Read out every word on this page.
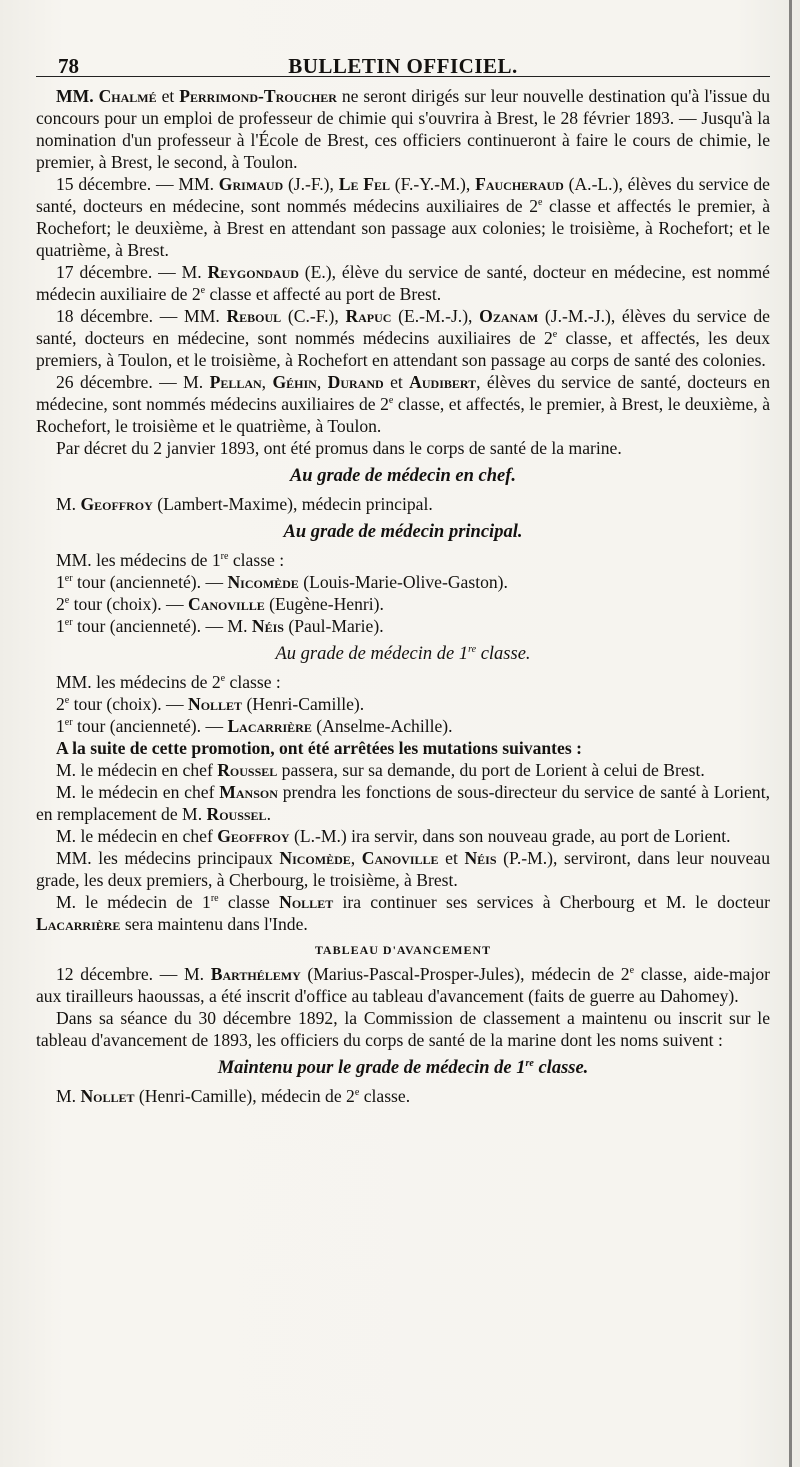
78	BULLETIN OFFICIEL.

MM. Chalmé et Perrimond-Troucher ne seront dirigés sur leur nouvelle destination qu'à l'issue du concours pour un emploi de professeur de chimie qui s'ouvrira à Brest, le 28 février 1893. — Jusqu'à la nomination d'un professeur à l'École de Brest, ces officiers continueront à faire le cours de chimie, le premier, à Brest, le second, à Toulon.

15 décembre. — MM. Grimaud (J.-F.), Le Fel (F.-Y.-M.), Faucheraud (A.-L.), élèves du service de santé, docteurs en médecine, sont nommés médecins auxiliaires de 2e classe et affectés le premier, à Rochefort; le deuxième, à Brest en attendant son passage aux colonies; le troisième, à Rochefort; et le quatrième, à Brest.

17 décembre. — M. Reygondaud (E.), élève du service de santé, docteur en médecine, est nommé médecin auxiliaire de 2e classe et affecté au port de Brest.

18 décembre. — MM. Reboul (C.-F.), Rapuc (E.-M.-J.), Ozanam (J.-M.-J.), élèves du service de santé, docteurs en médecine, sont nommés médecins auxiliaires de 2e classe, et affectés, les deux premiers, à Toulon, et le troisième, à Rochefort en attendant son passage au corps de santé des colonies.

26 décembre. — M. Pellan, Géhin, Durand et Audibert, élèves du service de santé, docteurs en médecine, sont nommés médecins auxiliaires de 2e classe, et affectés, le premier, à Brest, le deuxième, à Rochefort, le troisième et le quatrième, à Toulon.

Par décret du 2 janvier 1893, ont été promus dans le corps de santé de la marine.

Au grade de médecin en chef.

M. Geoffroy (Lambert-Maxime), médecin principal.

Au grade de médecin principal.

MM. les médecins de 1re classe :

1er tour (ancienneté). — Nicomède (Louis-Marie-Olive-Gaston).

2e tour (choix). — Canoville (Eugène-Henri).

1er tour (ancienneté). — M. Néis (Paul-Marie).

Au grade de médecin de 1re classe.

MM. les médecins de 2e classe :

2e tour (choix). — Nollet (Henri-Camille).

1er tour (ancienneté). — Lacarrière (Anselme-Achille).

A la suite de cette promotion, ont été arrêtées les mutations suivantes :

M. le médecin en chef Roussel passera, sur sa demande, du port de Lorient à celui de Brest.

M. le médecin en chef Manson prendra les fonctions de sous-directeur du service de santé à Lorient, en remplacement de M. Roussel.

M. le médecin en chef Geoffroy (L.-M.) ira servir, dans son nouveau grade, au port de Lorient.

MM. les médecins principaux Nicomède, Canoville et Néis (P.-M.), serviront, dans leur nouveau grade, les deux premiers, à Cherbourg, le troisième, à Brest.

M. le médecin de 1re classe Nollet ira continuer ses services à Cherbourg et M. le docteur Lacarrière sera maintenu dans l'Inde.

TABLEAU D'AVANCEMENT

12 décembre. — M. Barthélemy (Marius-Pascal-Prosper-Jules), médecin de 2e classe, aide-major aux tirailleurs haoussas, a été inscrit d'office au tableau d'avancement (faits de guerre au Dahomey).

Dans sa séance du 30 décembre 1892, la Commission de classement a maintenu ou inscrit sur le tableau d'avancement de 1893, les officiers du corps de santé de la marine dont les noms suivent :

Maintenu pour le grade de médecin de 1re classe.

M. Nollet (Henri-Camille), médecin de 2e classe.
